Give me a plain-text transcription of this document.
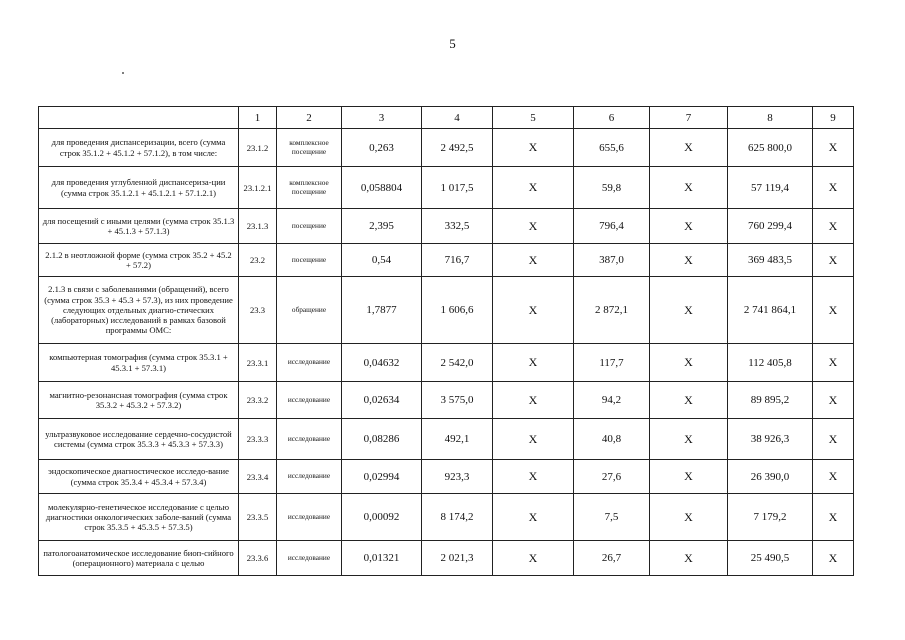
5
	1	2	3	4	5	6	7	8	9
для проведения диспансеризации, всего (сумма строк 35.1.2 + 45.1.2 + 57.1.2), в том числе:	23.1.2	комплексное посещение	0,263	2 492,5	X	655,6	X	625 800,0	X
для проведения углубленной диспансериза-ции (сумма строк 35.1.2.1 + 45.1.2.1 + 57.1.2.1)	23.1.2.1	комплексное посещение	0,058804	1 017,5	X	59,8	X	57 119,4	X
для посещений с иными целями (сумма строк 35.1.3 + 45.1.3 + 57.1.3)	23.1.3	посещение	2,395	332,5	X	796,4	X	760 299,4	X
2.1.2 в неотложной форме (сумма строк 35.2 + 45.2 + 57.2)	23.2	посещение	0,54	716,7	X	387,0	X	369 483,5	X
2.1.3 в связи с заболеваниями (обращений), всего (сумма строк 35.3 + 45.3 + 57.3), из них проведение следующих отдельных диагно-стических (лабораторных) исследований в рамках базовой программы ОМС:	23.3	обращение	1,7877	1 606,6	X	2 872,1	X	2 741 864,1	X
компьютерная томография (сумма строк 35.3.1 + 45.3.1 + 57.3.1)	23.3.1	исследование	0,04632	2 542,0	X	117,7	X	112 405,8	X
магнитно-резонансная томография (сумма строк 35.3.2 + 45.3.2 + 57.3.2)	23.3.2	исследование	0,02634	3 575,0	X	94,2	X	89 895,2	X
ультразвуковое исследование сердечно-сосудистой системы (сумма строк 35.3.3 + 45.3.3 + 57.3.3)	23.3.3	исследование	0,08286	492,1	X	40,8	X	38 926,3	X
эндоскопическое диагностическое исследо-вание (сумма строк 35.3.4 + 45.3.4 + 57.3.4)	23.3.4	исследование	0,02994	923,3	X	27,6	X	26 390,0	X
молекулярно-генетическое исследование с целью диагностики онкологических заболе-ваний (сумма строк 35.3.5 + 45.3.5 + 57.3.5)	23.3.5	исследование	0,00092	8 174,2	X	7,5	X	7 179,2	X
патологоанатомическое исследование биоп-сийного (операционного) материала с целью	23.3.6	исследование	0,01321	2 021,3	X	26,7	X	25 490,5	X
